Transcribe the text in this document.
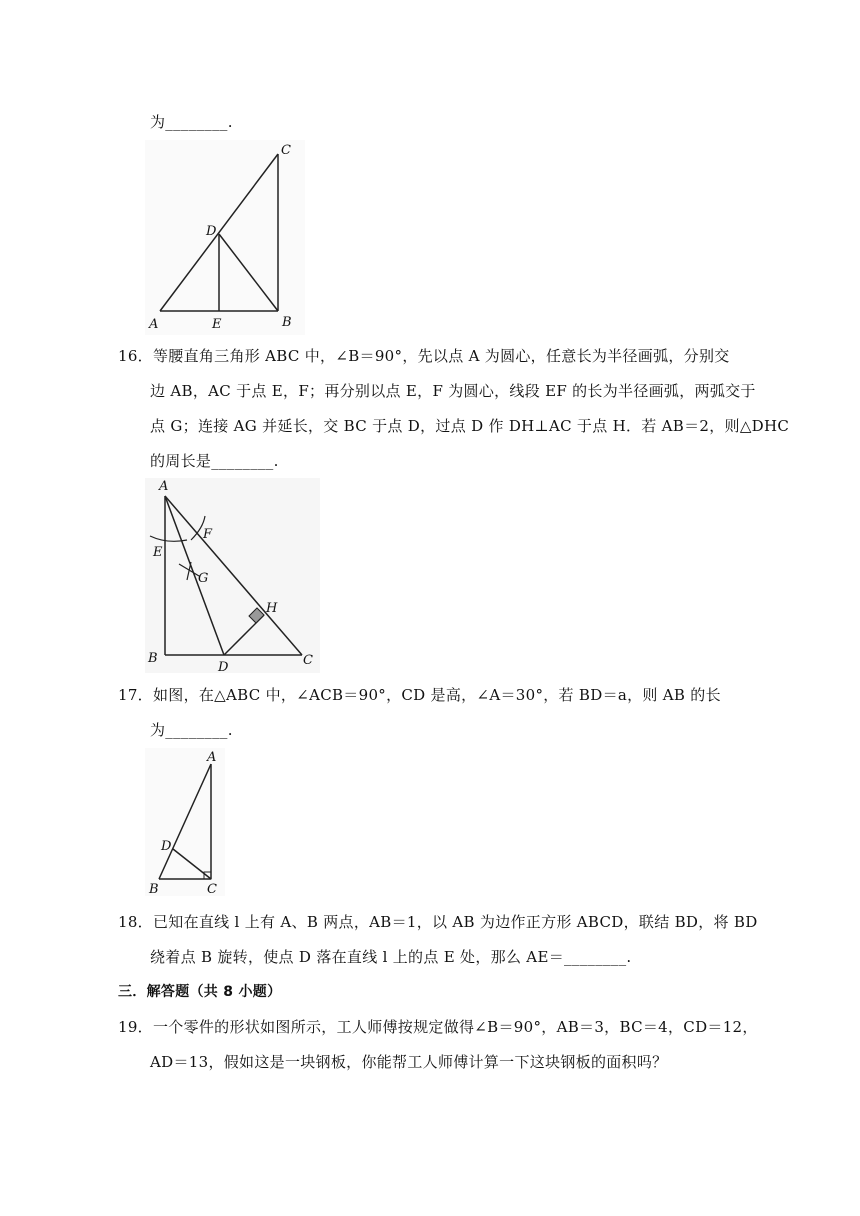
为________.
A	E	B
C
D
16．等腰直角三角形 ABC 中，∠B＝90°，先以点 A 为圆心，任意长为半径画弧，分别交
边 AB，AC 于点 E，F；再分别以点 E，F 为圆心，线段 EF 的长为半径画弧，两弧交于
点 G；连接 AG 并延长，交 BC 于点 D，过点 D 作 DH⊥AC 于点 H．若 AB＝2，则△DHC
的周长是________.
A
E
F
G
H
B
D	C
17．如图，在△ABC 中，∠ACB＝90°，CD 是高，∠A＝30°，若 BD＝a，则 AB 的长
为________.
A
D
B	C
18．已知在直线 l 上有 A、B 两点，AB＝1，以 AB 为边作正方形 ABCD，联结 BD，将 BD
绕着点 B 旋转，使点 D 落在直线 l 上的点 E 处，那么 AE＝________.
三．解答题（共 8 小题）
19．一个零件的形状如图所示，工人师傅按规定做得∠B＝90°，AB＝3，BC＝4，CD＝12，
AD＝13，假如这是一块钢板，你能帮工人师傅计算一下这块钢板的面积吗？
